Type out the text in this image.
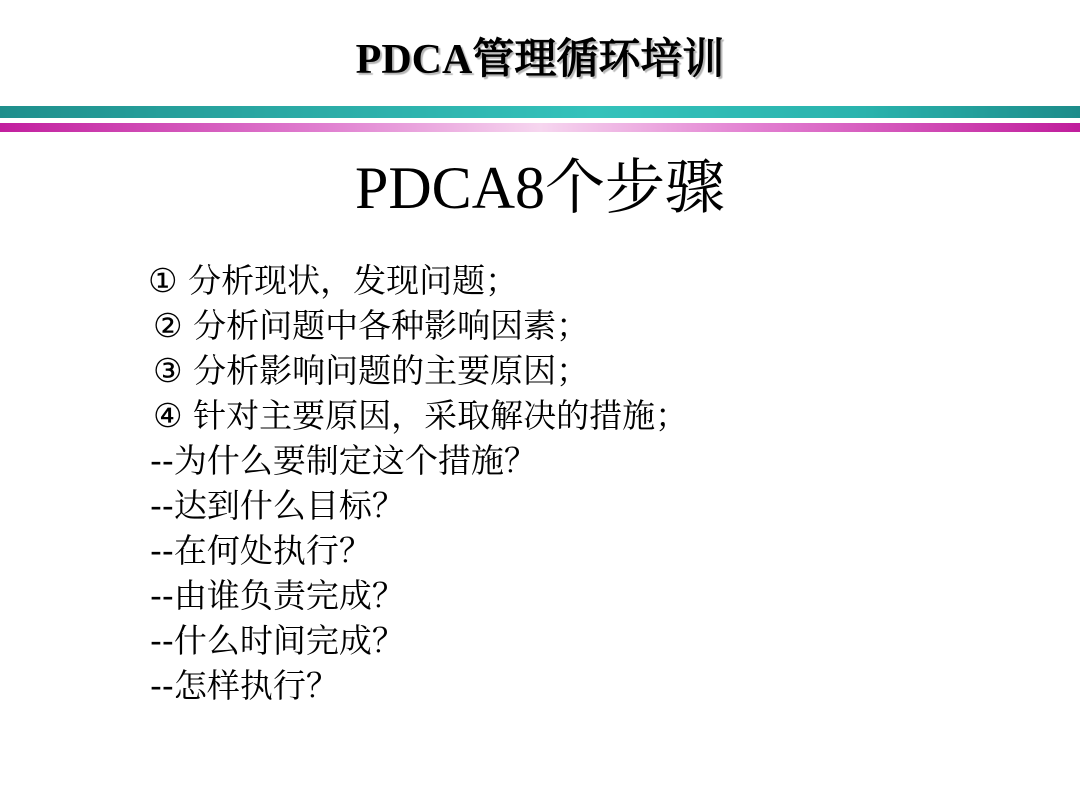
PDCA管理循环培训
PDCA8个步骤
① 分析现状，发现问题；
② 分析问题中各种影响因素；
③ 分析影响问题的主要原因；
④ 针对主要原因，采取解决的措施；
--为什么要制定这个措施？
--达到什么目标？
--在何处执行？
--由谁负责完成？
--什么时间完成？
--怎样执行？
